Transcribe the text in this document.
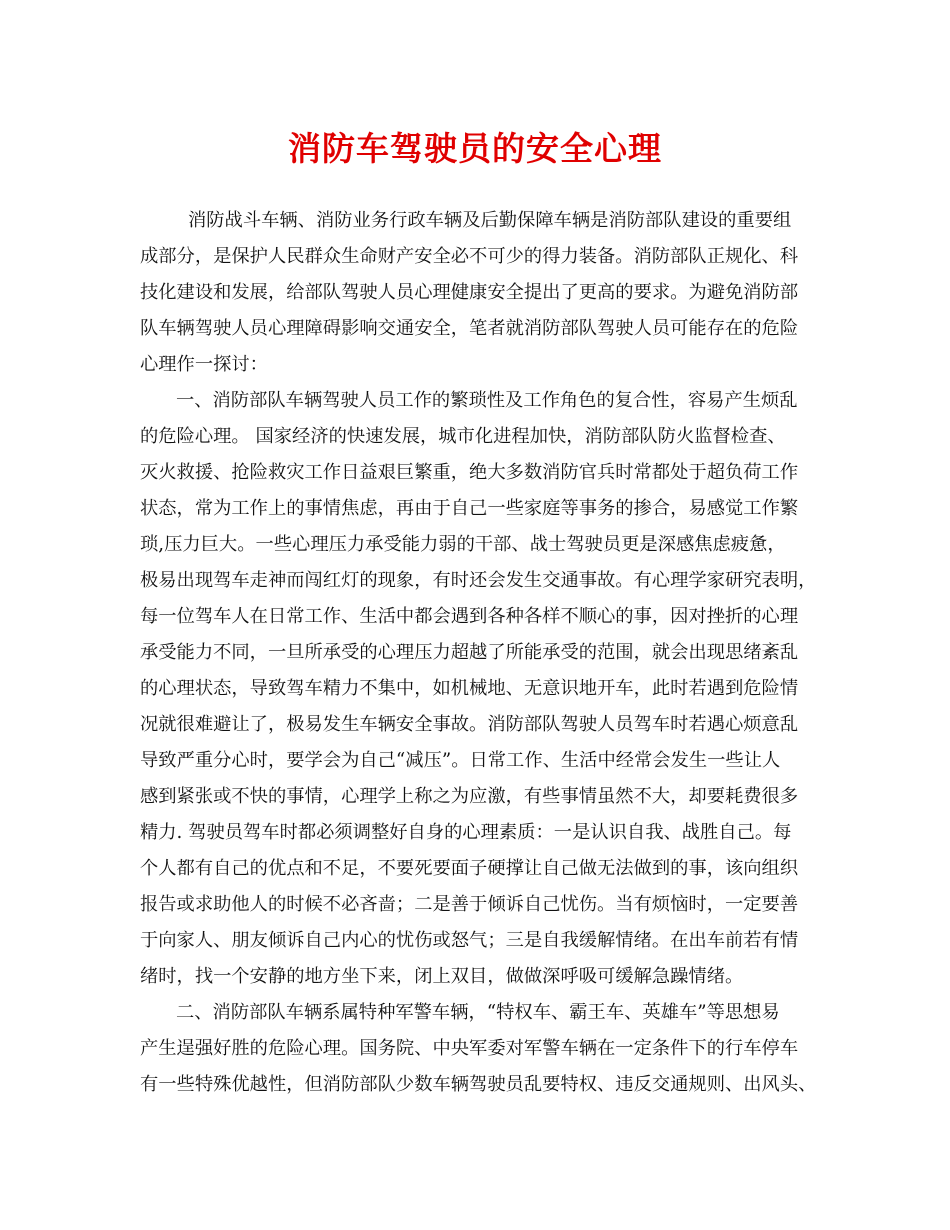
消防车驾驶员的安全心理
消防战斗车辆、消防业务行政车辆及后勤保障车辆是消防部队建设的重要组
成部分，是保护人民群众生命财产安全必不可少的得力装备。消防部队正规化、科
技化建设和发展，给部队驾驶人员心理健康安全提出了更高的要求。为避免消防部
队车辆驾驶人员心理障碍影响交通安全，笔者就消防部队驾驶人员可能存在的危险
心理作一探讨：
一、消防部队车辆驾驶人员工作的繁琐性及工作角色的复合性，容易产生烦乱
的危险心理。 国家经济的快速发展，城市化进程加快，消防部队防火监督检查、
灭火救援、抢险救灾工作日益艰巨繁重，绝大多数消防官兵时常都处于超负荷工作
状态，常为工作上的事情焦虑，再由于自己一些家庭等事务的掺合，易感觉工作繁
琐,压力巨大。一些心理压力承受能力弱的干部、战士驾驶员更是深感焦虑疲惫，
极易出现驾车走神而闯红灯的现象，有时还会发生交通事故。有心理学家研究表明，
每一位驾车人在日常工作、生活中都会遇到各种各样不顺心的事，因对挫折的心理
承受能力不同，一旦所承受的心理压力超越了所能承受的范围，就会出现思绪紊乱
的心理状态，导致驾车精力不集中，如机械地、无意识地开车，此时若遇到危险情
况就很难避让了，极易发生车辆安全事故。消防部队驾驶人员驾车时若遇心烦意乱
导致严重分心时，要学会为自己“减压”。日常工作、生活中经常会发生一些让人
感到紧张或不快的事情，心理学上称之为应激，有些事情虽然不大，却要耗费很多
精力. 驾驶员驾车时都必须调整好自身的心理素质：一是认识自我、战胜自己。每
个人都有自己的优点和不足，不要死要面子硬撑让自己做无法做到的事，该向组织
报告或求助他人的时候不必吝啬；二是善于倾诉自己忧伤。当有烦恼时，一定要善
于向家人、朋友倾诉自己内心的忧伤或怒气；三是自我缓解情绪。在出车前若有情
绪时，找一个安静的地方坐下来，闭上双目，做做深呼吸可缓解急躁情绪。
二、消防部队车辆系属特种军警车辆，“特权车、霸王车、英雄车”等思想易
产生逞强好胜的危险心理。国务院、中央军委对军警车辆在一定条件下的行车停车
有一些特殊优越性，但消防部队少数车辆驾驶员乱要特权、违反交通规则、出风头、
